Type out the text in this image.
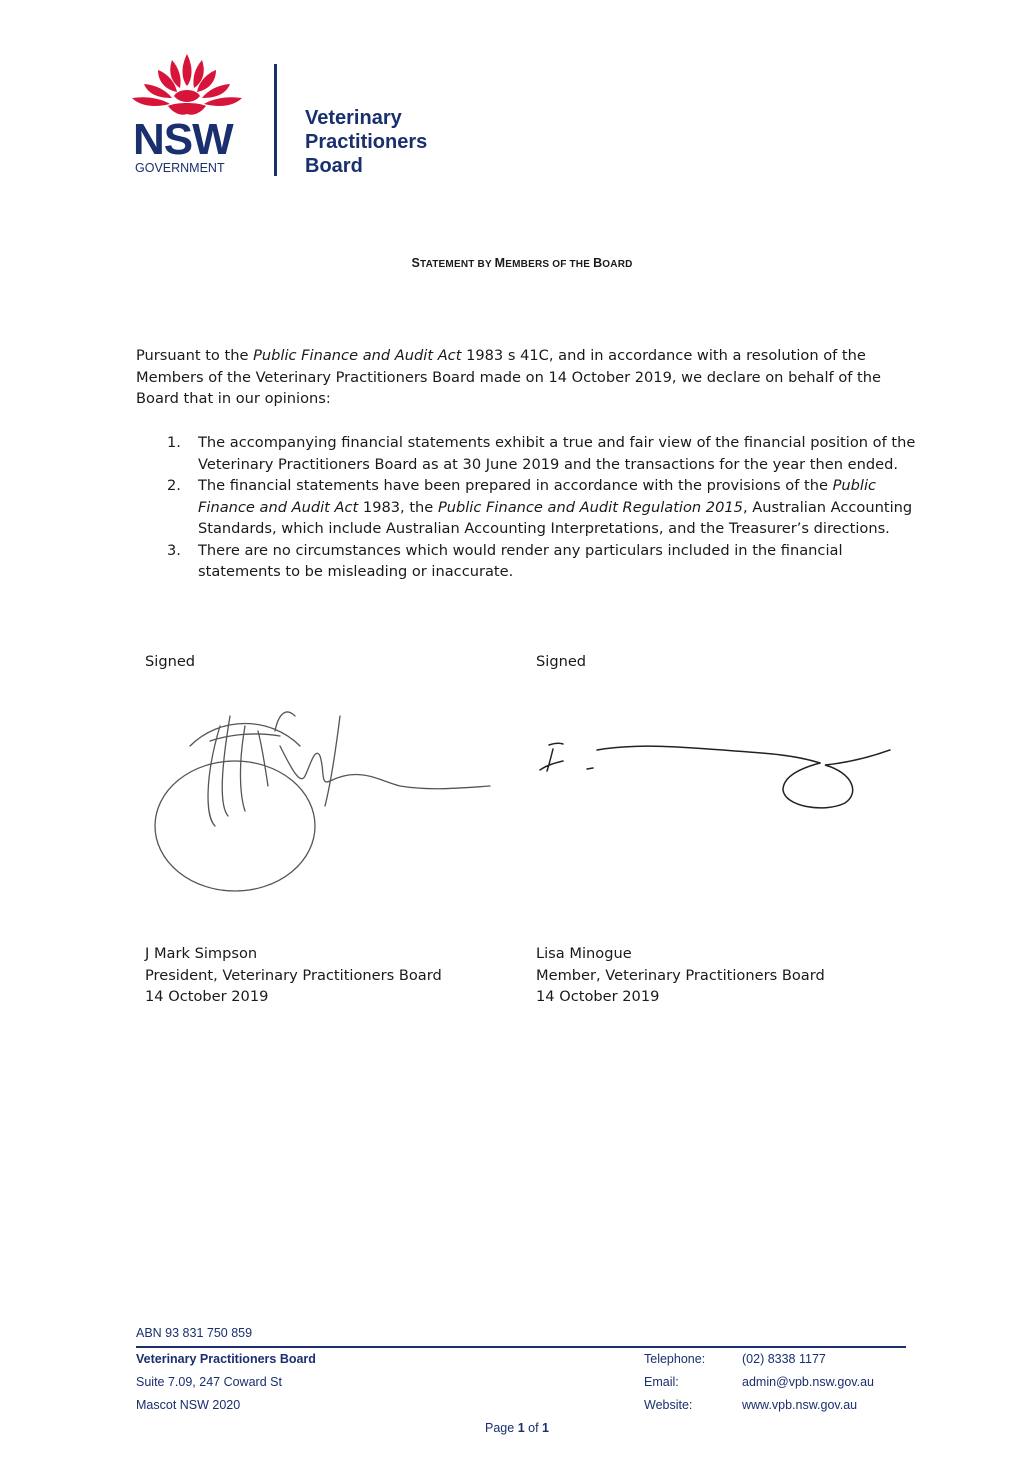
NSW
GOVERNMENT
Veterinary
Practitioners
Board
STATEMENT BY MEMBERS OF THE BOARD
Pursuant to the Public Finance and Audit Act 1983 s 41C, and in accordance with a resolution of the Members of the Veterinary Practitioners Board made on 14 October 2019, we declare on behalf of the Board that in our opinions:
1. The accompanying financial statements exhibit a true and fair view of the financial position of the Veterinary Practitioners Board as at 30 June 2019 and the transactions for the year then ended.
2. The financial statements have been prepared in accordance with the provisions of the Public Finance and Audit Act 1983, the Public Finance and Audit Regulation 2015, Australian Accounting Standards, which include Australian Accounting Interpretations, and the Treasurer’s directions.
3. There are no circumstances which would render any particulars included in the financial statements to be misleading or inaccurate.
Signed	Signed
J Mark Simpson
President, Veterinary Practitioners Board
14 October 2019
Lisa Minogue
Member, Veterinary Practitioners Board
14 October 2019
ABN 93 831 750 859
Veterinary Practitioners Board
Suite 7.09, 247 Coward St
Mascot NSW 2020
Telephone:	(02) 8338 1177
Email:	admin@vpb.nsw.gov.au
Website:	www.vpb.nsw.gov.au
Page 1 of 1
